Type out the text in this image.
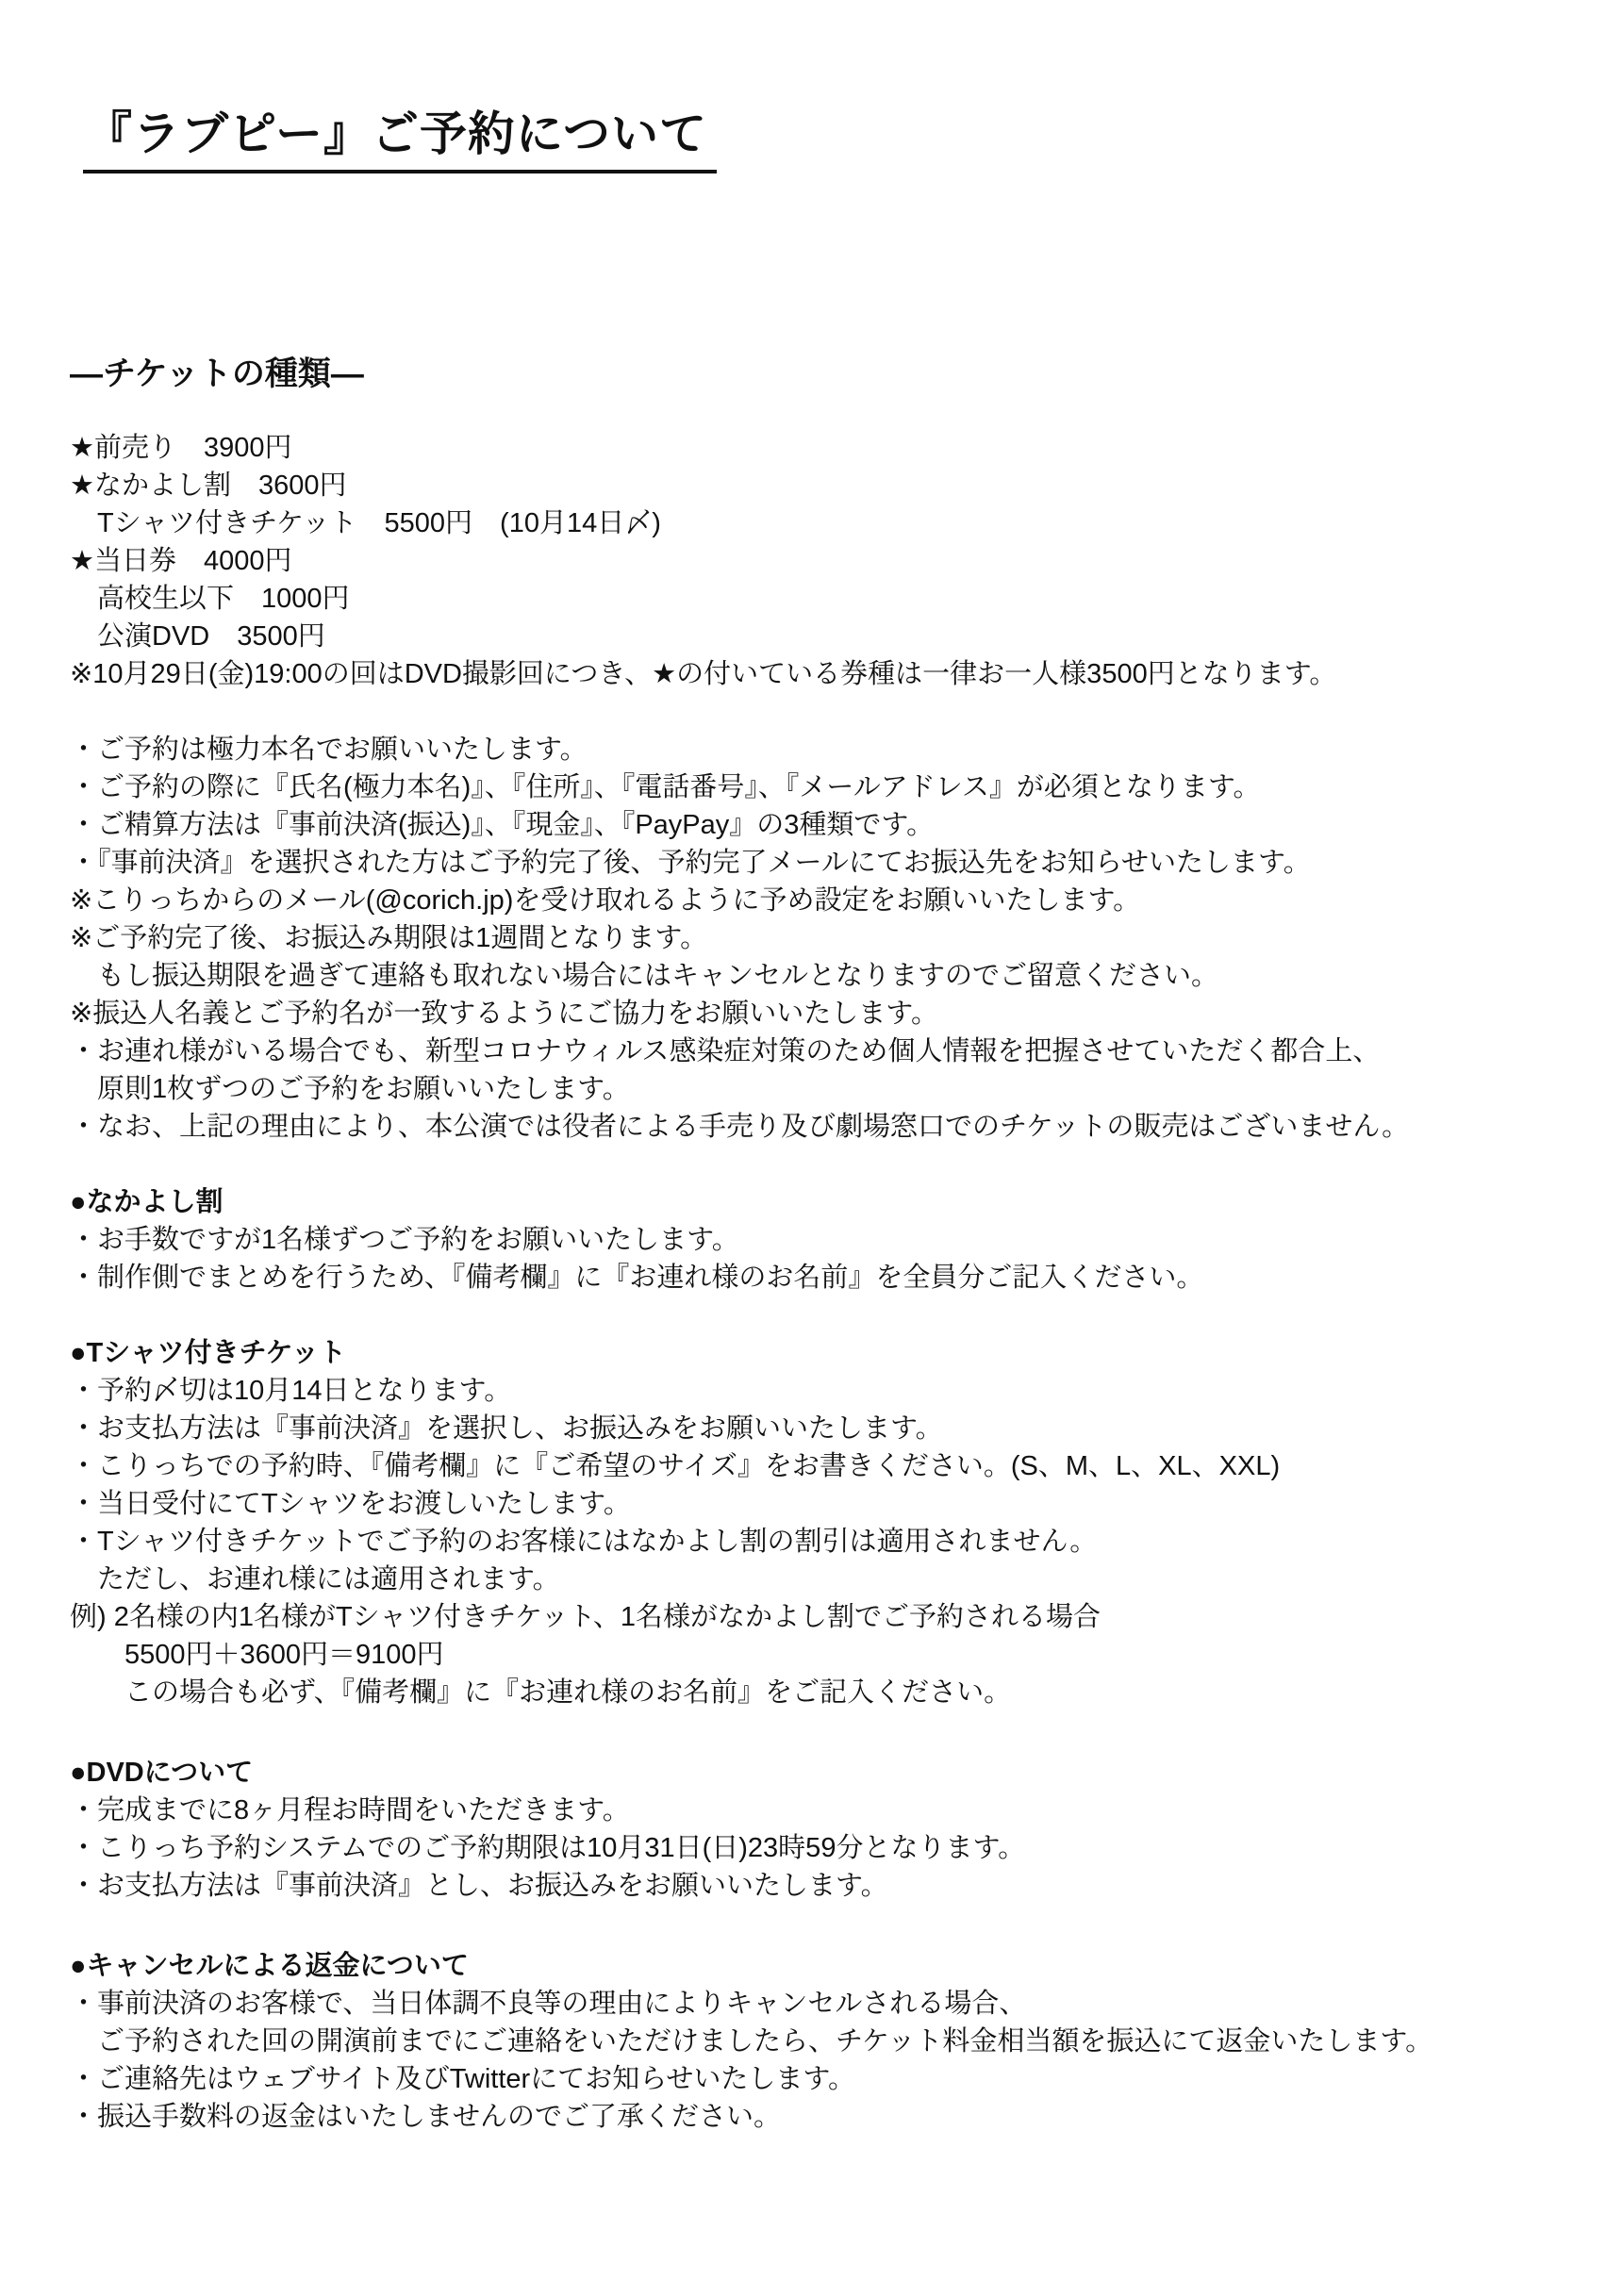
『ラブピー』ご予約について
―チケットの種類―
★前売り　3900円
★なかよし割　3600円
　Tシャツ付きチケット　5500円　(10月14日〆)
★当日券　4000円
　高校生以下　1000円
　公演DVD　3500円
※10月29日(金)19:00の回はDVD撮影回につき、★の付いている券種は一律お一人様3500円となります。
・ご予約は極力本名でお願いいたします。
・ご予約の際に『氏名(極力本名)』、『住所』、『電話番号』、『メールアドレス』が必須となります。
・ご精算方法は『事前決済(振込)』、『現金』、『PayPay』の3種類です。
・『事前決済』を選択された方はご予約完了後、予約完了メールにてお振込先をお知らせいたします。
※こりっちからのメール(@corich.jp)を受け取れるように予め設定をお願いいたします。
※ご予約完了後、お振込み期限は1週間となります。
　もし振込期限を過ぎて連絡も取れない場合にはキャンセルとなりますのでご留意ください。
※振込人名義とご予約名が一致するようにご協力をお願いいたします。
・お連れ様がいる場合でも、新型コロナウィルス感染症対策のため個人情報を把握させていただく都合上、
　原則1枚ずつのご予約をお願いいたします。
・なお、上記の理由により、本公演では役者による手売り及び劇場窓口でのチケットの販売はございません。
●なかよし割
・お手数ですが1名様ずつご予約をお願いいたします。
・制作側でまとめを行うため、『備考欄』に『お連れ様のお名前』を全員分ご記入ください。
●Tシャツ付きチケット
・予約〆切は10月14日となります。
・お支払方法は『事前決済』を選択し、お振込みをお願いいたします。
・こりっちでの予約時、『備考欄』に『ご希望のサイズ』をお書きください。(S、M、L、XL、XXL)
・当日受付にてTシャツをお渡しいたします。
・Tシャツ付きチケットでご予約のお客様にはなかよし割の割引は適用されません。
　ただし、お連れ様には適用されます。
例) 2名様の内1名様がTシャツ付きチケット、1名様がなかよし割でご予約される場合
　　5500円＋3600円＝9100円
　　この場合も必ず、『備考欄』に『お連れ様のお名前』をご記入ください。
●DVDについて
・完成までに8ヶ月程お時間をいただきます。
・こりっち予約システムでのご予約期限は10月31日(日)23時59分となります。
・お支払方法は『事前決済』とし、お振込みをお願いいたします。
●キャンセルによる返金について
・事前決済のお客様で、当日体調不良等の理由によりキャンセルされる場合、
　ご予約された回の開演前までにご連絡をいただけましたら、チケット料金相当額を振込にて返金いたします。
・ご連絡先はウェブサイト及びTwitterにてお知らせいたします。
・振込手数料の返金はいたしませんのでご了承ください。
